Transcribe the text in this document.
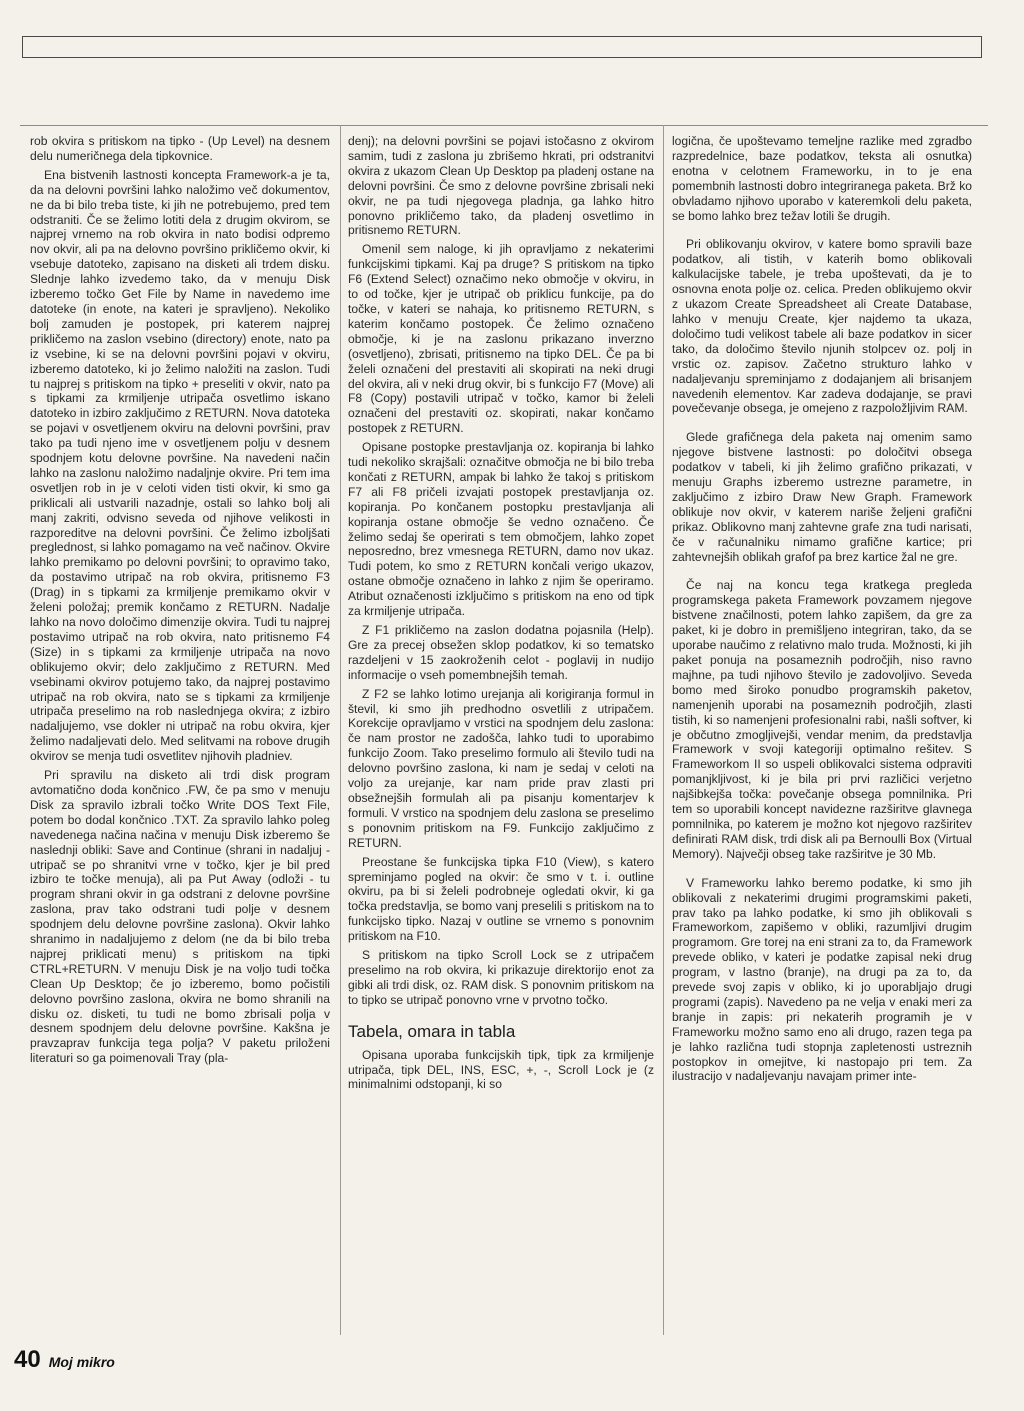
rob okvira s pritiskom na tipko - (Up Level) na desnem delu numeričnega dela tipkovnice.

Ena bistvenih lastnosti koncepta Framework-a je ta, da na delovni površini lahko naložimo več dokumentov, ne da bi bilo treba tiste, ki jih ne potrebujemo, pred tem odstraniti. Če se želimo lotiti dela z drugim okvirom, se najprej vrnemo na rob okvira in nato bodisi odpremo nov okvir, ali pa na delovno površino prikličemo okvir, ki vsebuje datoteko, zapisano na disketi ali trdem disku. Slednje lahko izvedemo tako, da v menuju Disk izberemo točko Get File by Name in navedemo ime datoteke (in enote, na kateri je spravljeno). Nekoliko bolj zamuden je postopek, pri katerem najprej prikličemo na zaslon vsebino (directory) enote, nato pa iz vsebine, ki se na delovni površini pojavi v okviru, izberemo datoteko, ki jo želimo naložiti na zaslon. Tudi tu najprej s pritiskom na tipko + preseliti v okvir, nato pa s tipkami za krmiljenje utripača osvetlimo iskano datoteko in izbiro zaključimo z RETURN. Nova datoteka se pojavi v osvetljenem okviru na delovni površini, prav tako pa tudi njeno ime v osvetljenem polju v desnem spodnjem kotu delovne površine. Na navedeni način lahko na zaslonu naložimo nadaljnje okvire. Pri tem ima osvetljen rob in je v celoti viden tisti okvir, ki smo ga priklicali ali ustvarili nazadnje, ostali so lahko bolj ali manj zakriti, odvisno seveda od njihove velikosti in razporeditve na delovni površini. Če želimo izboljšati preglednost, si lahko pomagamo na več načinov. Okvire lahko premikamo po delovni površini; to opravimo tako, da postavimo utripač na rob okvira, pritisnemo F3 (Drag) in s tipkami za krmiljenje premikamo okvir v želeni položaj; premik končamo z RETURN. Nadalje lahko na novo določimo dimenzije okvira. Tudi tu najprej postavimo utripač na rob okvira, nato pritisnemo F4 (Size) in s tipkami za krmiljenje utripača na novo oblikujemo okvir; delo zaključimo z RETURN. Med vsebinami okvirov potujemo tako, da najprej postavimo utripač na rob okvira, nato se s tipkami za krmiljenje utripača preselimo na rob naslednjega okvira; z izbiro nadaljujemo, vse dokler ni utripač na robu okvira, kjer želimo nadaljevati delo. Med selitvami na robove drugih okvirov se menja tudi osvetlitev njihovih pladniev.

Pri spravilu na disketo ali trdi disk program avtomatično doda končnico .FW, če pa smo v menuju Disk za spravilo izbrali točko Write DOS Text File, potem bo dodal končnico .TXT. Za spravilo lahko poleg navedenega načina načina v menuju Disk izberemo še naslednji obliki: Save and Continue (shrani in nadaljuj - utripač se po shranitvi vrne v točko, kjer je bil pred izbiro te točke menuja), ali pa Put Away (odloži - tu program shrani okvir in ga odstrani z delovne površine zaslona, prav tako odstrani tudi polje v desnem spodnjem delu delovne površine zaslona). Okvir lahko shranimo in nadaljujemo z delom (ne da bi bilo treba najprej priklicati menu) s pritiskom na tipki CTRL+RETURN. V menuju Disk je na voljo tudi točka Clean Up Desktop; če jo izberemo, bomo počistili delovno površino zaslona, okvira ne bomo shranili na disku oz. disketi, tu tudi ne bomo zbrisali polja v desnem spodnjem delu delovne površine. Kakšna je pravzaprav funkcija tega polja? V paketu priloženi literaturi so ga poimenovali Tray (pla-

denj); na delovni površini se pojavi istočasno z okvirom samim, tudi z zaslona ju zbrišemo hkrati, pri odstranitvi okvira z ukazom Clean Up Desktop pa pladenj ostane na delovni površini. Če smo z delovne površine zbrisali neki okvir, ne pa tudi njegovega pladnja, ga lahko hitro ponovno prikličemo tako, da pladenj osvetlimo in pritisnemo RETURN.

Omenil sem naloge, ki jih opravljamo z nekaterimi funkcijskimi tipkami. Kaj pa druge? S pritiskom na tipko F6 (Extend Select) označimo neko območje v okviru, in to od točke, kjer je utripač ob priklicu funkcije, pa do točke, v kateri se nahaja, ko pritisnemo RETURN, s katerim končamo postopek. Če želimo označeno območje, ki je na zaslonu prikazano inverzno (osvetljeno), zbrisati, pritisnemo na tipko DEL. Če pa bi želeli označeni del prestaviti ali skopirati na neki drugi del okvira, ali v neki drug okvir, bi s funkcijo F7 (Move) ali F8 (Copy) postavili utripač v točko, kamor bi želeli označeni del prestaviti oz. skopirati, nakar končamo postopek z RETURN.

Opisane postopke prestavljanja oz. kopiranja bi lahko tudi nekoliko skrajšali: označitve območja ne bi bilo treba končati z RETURN, ampak bi lahko že takoj s pritiskom F7 ali F8 pričeli izvajati postopek prestavljanja oz. kopiranja. Po končanem postopku prestavljanja ali kopiranja ostane območje še vedno označeno. Če želimo sedaj še operirati s tem območjem, lahko zopet neposredno, brez vmesnega RETURN, damo nov ukaz. Tudi potem, ko smo z RETURN končali verigo ukazov, ostane območje označeno in lahko z njim še operiramo. Atribut označenosti izključimo s pritiskom na eno od tipk za krmiljenje utripača.

Z F1 prikličemo na zaslon dodatna pojasnila (Help). Gre za precej obsežen sklop podatkov, ki so tematsko razdeljeni v 15 zaokroženih celot - poglavij in nudijo informacije o vseh pomembnejših temah.

Z F2 se lahko lotimo urejanja ali korigiranja formul in števil, ki smo jih predhodno osvetlili z utripačem. Korekcije opravljamo v vrstici na spodnjem delu zaslona: če nam prostor ne zadošča, lahko tudi to uporabimo funkcijo Zoom. Tako preselimo formulo ali število tudi na delovno površino zaslona, ki nam je sedaj v celoti na voljo za urejanje, kar nam pride prav zlasti pri obsežnejših formulah ali pa pisanju komentarjev k formuli. V vrstico na spodnjem delu zaslona se preselimo s ponovnim pritiskom na F9. Funkcijo zaključimo z RETURN.

Preostane še funkcijska tipka F10 (View), s katero spreminjamo pogled na okvir: če smo v t. i. outline okviru, pa bi si želeli podrobneje ogledati okvir, ki ga točka predstavlja, se bomo vanj preselili s pritiskom na to funkcijsko tipko. Nazaj v outline se vrnemo s ponovnim pritiskom na F10.

S pritiskom na tipko Scroll Lock se z utripačem preselimo na rob okvira, ki prikazuje direktorijo enot za gibki ali trdi disk, oz. RAM disk. S ponovnim pritiskom na to tipko se utripač ponovno vrne v prvotno točko.

Tabela, omara in tabla

Opisana uporaba funkcijskih tipk, tipk za krmiljenje utripača, tipk DEL, INS, ESC, +, -, Scroll Lock je (z minimalnimi odstopanji, ki so

logična, če upoštevamo temeljne razlike med zgradbo razpredelnice, baze podatkov, teksta ali osnutka) enotna v celotnem Frameworku, in to je ena pomembnih lastnosti dobro integriranega paketa. Brž ko obvladamo njihovo uporabo v kateremkoli delu paketa, se bomo lahko brez težav lotili še drugih.

Pri oblikovanju okvirov, v katere bomo spravili baze podatkov, ali tistih, v katerih bomo oblikovali kalkulacijske tabele, je treba upoštevati, da je to osnovna enota polje oz. celica. Preden oblikujemo okvir z ukazom Create Spreadsheet ali Create Database, lahko v menuju Create, kjer najdemo ta ukaza, določimo tudi velikost tabele ali baze podatkov in sicer tako, da določimo število njunih stolpcev oz. polj in vrstic oz. zapisov. Začetno strukturo lahko v nadaljevanju spreminjamo z dodajanjem ali brisanjem navedenih elementov. Kar zadeva dodajanje, se pravi povečevanje obsega, je omejeno z razpoložljivim RAM.

Glede grafičnega dela paketa naj omenim samo njegove bistvene lastnosti: po določitvi obsega podatkov v tabeli, ki jih želimo grafično prikazati, v menuju Graphs izberemo ustrezne parametre, in zaključimo z izbiro Draw New Graph. Framework oblikuje nov okvir, v katerem nariše željeni grafični prikaz. Oblikovno manj zahtevne grafe zna tudi narisati, če v računalniku nimamo grafične kartice; pri zahtevnejših oblikah grafof pa brez kartice žal ne gre.

Če naj na koncu tega kratkega pregleda programskega paketa Framework povzamem njegove bistvene značilnosti, potem lahko zapišem, da gre za paket, ki je dobro in premišljeno integriran, tako, da se uporabe naučimo z relativno malo truda. Možnosti, ki jih paket ponuja na posameznih področjih, niso ravno majhne, pa tudi njihovo število je zadovoljivo. Seveda bomo med široko ponudbo programskih paketov, namenjenih uporabi na posameznih področjih, zlasti tistih, ki so namenjeni profesionalni rabi, našli softver, ki je občutno zmogljivejši, vendar menim, da predstavlja Framework v svoji kategoriji optimalno rešitev. S Frameworkom II so uspeli oblikovalci sistema odpraviti pomanjkljivost, ki je bila pri prvi različici verjetno najšibkejša točka: povečanje obsega pomnilnika. Pri tem so uporabili koncept navidezne razširitve glavnega pomnilnika, po katerem je možno kot njegovo razširitev definirati RAM disk, trdi disk ali pa Bernoulli Box (Virtual Memory). Največji obseg take razširitve je 30 Mb.

V Frameworku lahko beremo podatke, ki smo jih oblikovali z nekaterimi drugimi programskimi paketi, prav tako pa lahko podatke, ki smo jih oblikovali s Frameworkom, zapišemo v obliki, razumljivi drugim programom. Gre torej na eni strani za to, da Framework prevede obliko, v kateri je podatke zapisal neki drug program, v lastno (branje), na drugi pa za to, da prevede svoj zapis v obliko, ki jo uporabljajo drugi programi (zapis). Navedeno pa ne velja v enaki meri za branje in zapis: pri nekaterih programih je v Frameworku možno samo eno ali drugo, razen tega pa je lahko različna tudi stopnja zapletenosti ustreznih postopkov in omejitve, ki nastopajo pri tem. Za ilustracijo v nadaljevanju navajam primer inte-

40 Moj mikro
